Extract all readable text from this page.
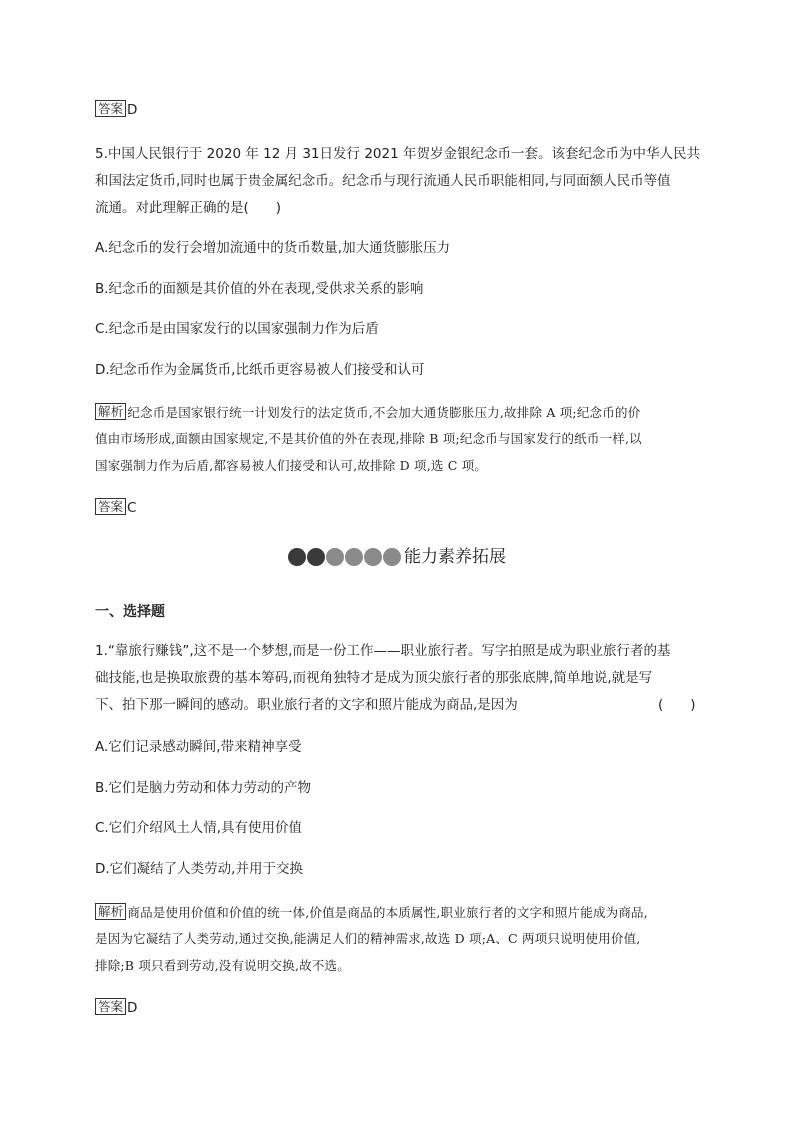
答案 D
5.中国人民银行于 2020 年 12 月 31日发行 2021 年贺岁金银纪念币一套。该套纪念币为中华人民共
和国法定货币,同时也属于贵金属纪念币。纪念币与现行流通人民币职能相同,与同面额人民币等值
流通。对此理解正确的是(　　)
A.纪念币的发行会增加流通中的货币数量,加大通货膨胀压力
B.纪念币的面额是其价值的外在表现,受供求关系的影响
C.纪念币是由国家发行的以国家强制力作为后盾
D.纪念币作为金属货币,比纸币更容易被人们接受和认可
解析 纪念币是国家银行统一计划发行的法定货币,不会加大通货膨胀压力,故排除 A 项;纪念币的价
值由市场形成,面额由国家规定,不是其价值的外在表现,排除 B 项;纪念币与国家发行的纸币一样,以
国家强制力作为后盾,都容易被人们接受和认可,故排除 D 项,选 C 项。
答案 C
能力素养拓展
一、选择题
1.“靠旅行赚钱”,这不是一个梦想,而是一份工作——职业旅行者。写字拍照是成为职业旅行者的基
础技能,也是换取旅费的基本筹码,而视角独特才是成为顶尖旅行者的那张底牌,简单地说,就是写
下、拍下那一瞬间的感动。职业旅行者的文字和照片能成为商品,是因为	(　　)
A.它们记录感动瞬间,带来精神享受
B.它们是脑力劳动和体力劳动的产物
C.它们介绍风土人情,具有使用价值
D.它们凝结了人类劳动,并用于交换
解析 商品是使用价值和价值的统一体,价值是商品的本质属性,职业旅行者的文字和照片能成为商品,
是因为它凝结了人类劳动,通过交换,能满足人们的精神需求,故选 D 项;A、C 两项只说明使用价值,
排除;B 项只看到劳动,没有说明交换,故不选。
答案 D
